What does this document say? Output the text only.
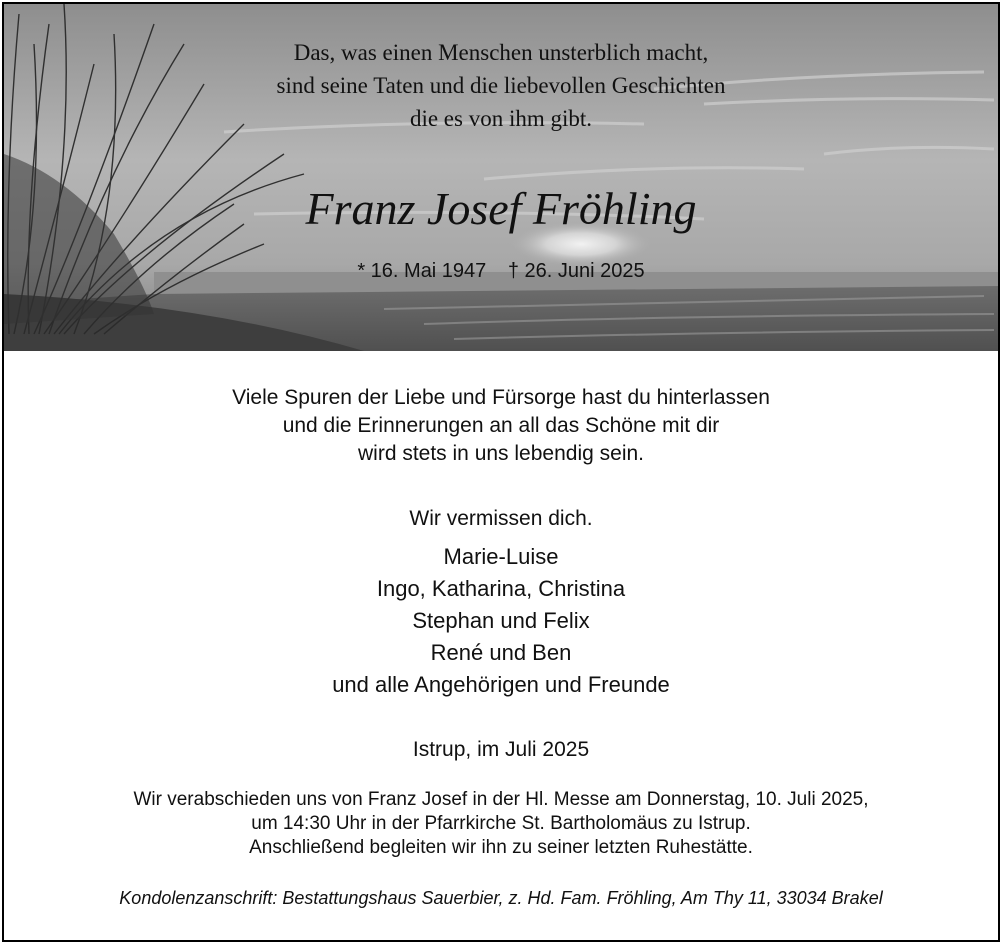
Das, was einen Menschen unsterblich macht,
sind seine Taten und die liebevollen Geschichten
die es von ihm gibt.
Franz Josef Fröhling
* 16. Mai 1947 † 26. Juni 2025
Viele Spuren der Liebe und Fürsorge hast du hinterlassen
und die Erinnerungen an all das Schöne mit dir
wird stets in uns lebendig sein.
Wir vermissen dich.
Marie-Luise
Ingo, Katharina, Christina
Stephan und Felix
René und Ben
und alle Angehörigen und Freunde
Istrup, im Juli 2025
Wir verabschieden uns von Franz Josef in der Hl. Messe am Donnerstag, 10. Juli 2025,
um 14:30 Uhr in der Pfarrkirche St. Bartholomäus zu Istrup.
Anschließend begleiten wir ihn zu seiner letzten Ruhestätte.
Kondolenzanschrift: Bestattungshaus Sauerbier, z. Hd. Fam. Fröhling, Am Thy 11, 33034 Brakel
